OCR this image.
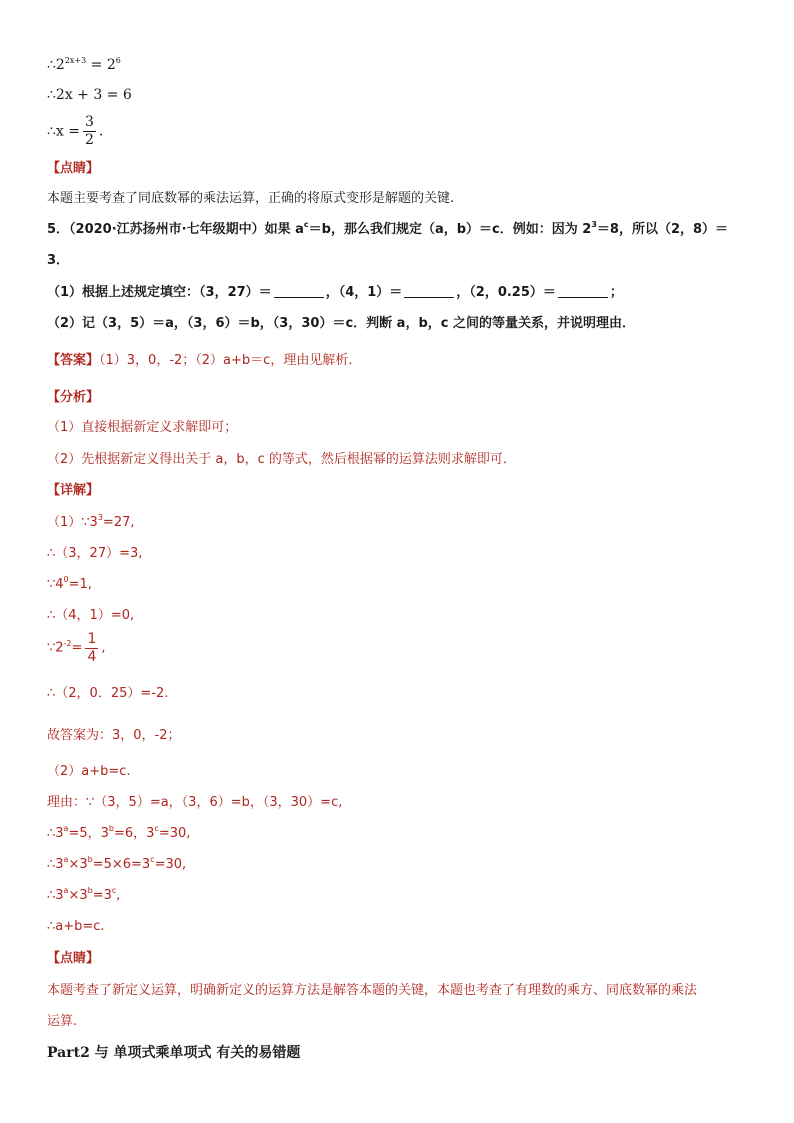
$\therefore 2^{2x+3} = 2^6$
∴2x + 3 = 6
∴x = $\frac{3}{2}$ .
【点睛】
本题主要考查了同底数幂的乘法运算，正确的将原式变形是解题的关键.
5．（2020·江苏扬州市·七年级期中）如果 $a^c=b$，那么我们规定（a，b）＝c．例如：因为 $2^3=8$，所以（2，8）＝
3．
（1）根据上述规定填空：（3，27）＝	，（4，1）＝	，（2，0.25）＝	；
（2）记（3，5）＝a，（3，6）＝b，（3，30）＝c．判断 a，b，c 之间的等量关系，并说明理由．
【答案】（1）3，0，-2；（2）a+b＝c，理由见解析．
【分析】
（1）直接根据新定义求解即可；
（2）先根据新定义得出关于 a，b，c 的等式，然后根据幂的运算法则求解即可．
【详解】
$(1)\because 3^3=27$,
∴（3，27）=3,
$\because 4^0=1$,
∴（4，1）=0,
$\because 2^{-2}= \frac{1}{4}$ ,
∴（2，0．25）=-2.
故答案为：3，0，-2；
（2）a+b=c.
理由：∵（3，5）=a，（3，6）=b，（3，30）=c,
$\therefore 3^a=5$，$3^b=6$，$3^c=30$,
$\therefore 3^a\times 3^b=5\times 6=3^c=30$,
$\therefore 3^a\times 3^b=3^c$,
∴a+b=c.
【点睛】
本题考查了新定义运算，明确新定义的运算方法是解答本题的关键，本题也考查了有理数的乘方、同底数幂的乘法
运算.
Part2 与 单项式乘单项式 有关的易错题
